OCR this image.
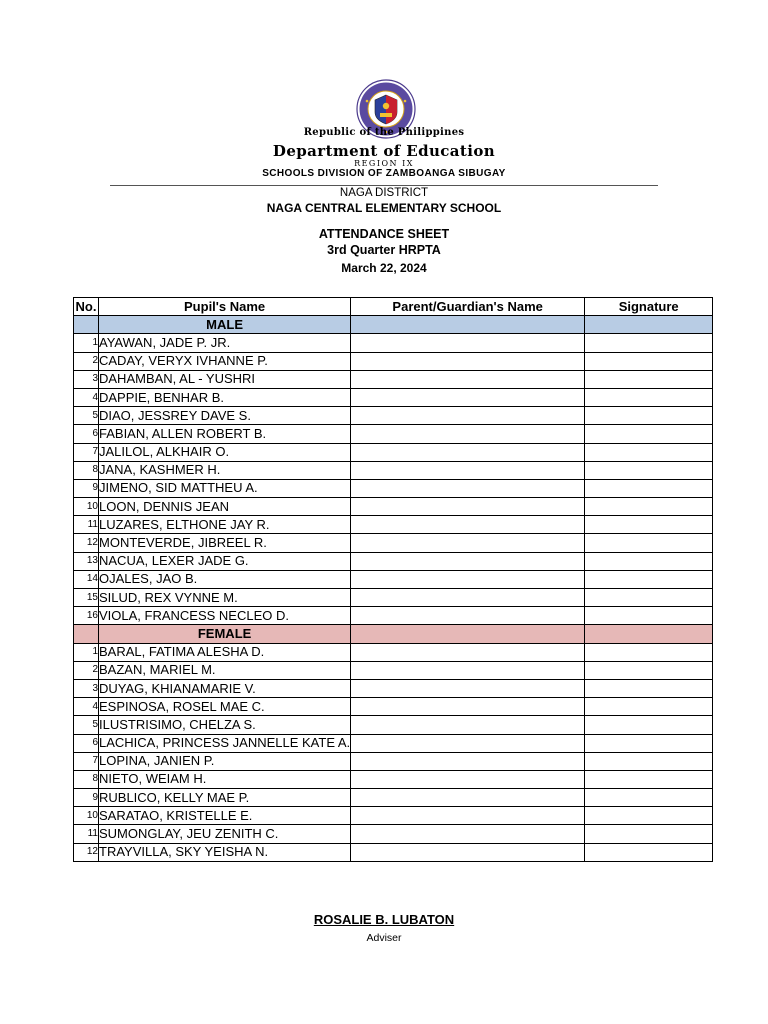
Republic of the Philippines
Department of Education
REGION IX
SCHOOLS DIVISION OF ZAMBOANGA SIBUGAY
NAGA DISTRICT
NAGA CENTRAL ELEMENTARY SCHOOL
ATTENDANCE SHEET
3rd Quarter HRPTA
March 22, 2024
No.	Pupil's Name	Parent/Guardian's Name	Signature
	MALE		
1	AYAWAN, JADE P. JR.		
2	CADAY, VERYX IVHANNE P.		
3	DAHAMBAN, AL - YUSHRI		
4	DAPPIE, BENHAR B.		
5	DIAO, JESSREY DAVE S.		
6	FABIAN, ALLEN ROBERT B.		
7	JALILOL, ALKHAIR O.		
8	JANA, KASHMER H.		
9	JIMENO, SID MATTHEU A.		
10	LOON, DENNIS JEAN		
11	LUZARES, ELTHONE JAY R.		
12	MONTEVERDE, JIBREEL R.		
13	NACUA, LEXER JADE G.		
14	OJALES, JAO B.		
15	SILUD, REX VYNNE M.		
16	VIOLA, FRANCESS NECLEO D.		
	FEMALE		
1	BARAL, FATIMA ALESHA D.		
2	BAZAN, MARIEL M.		
3	DUYAG, KHIANAMARIE V.		
4	ESPINOSA, ROSEL MAE C.		
5	ILUSTRISIMO, CHELZA S.		
6	LACHICA, PRINCESS JANNELLE KATE A.		
7	LOPINA, JANIEN P.		
8	NIETO, WEIAM H.		
9	RUBLICO, KELLY MAE P.		
10	SARATAO, KRISTELLE E.		
11	SUMONGLAY, JEU ZENITH C.		
12	TRAYVILLA, SKY YEISHA N.		
ROSALIE B. LUBATON
Adviser
